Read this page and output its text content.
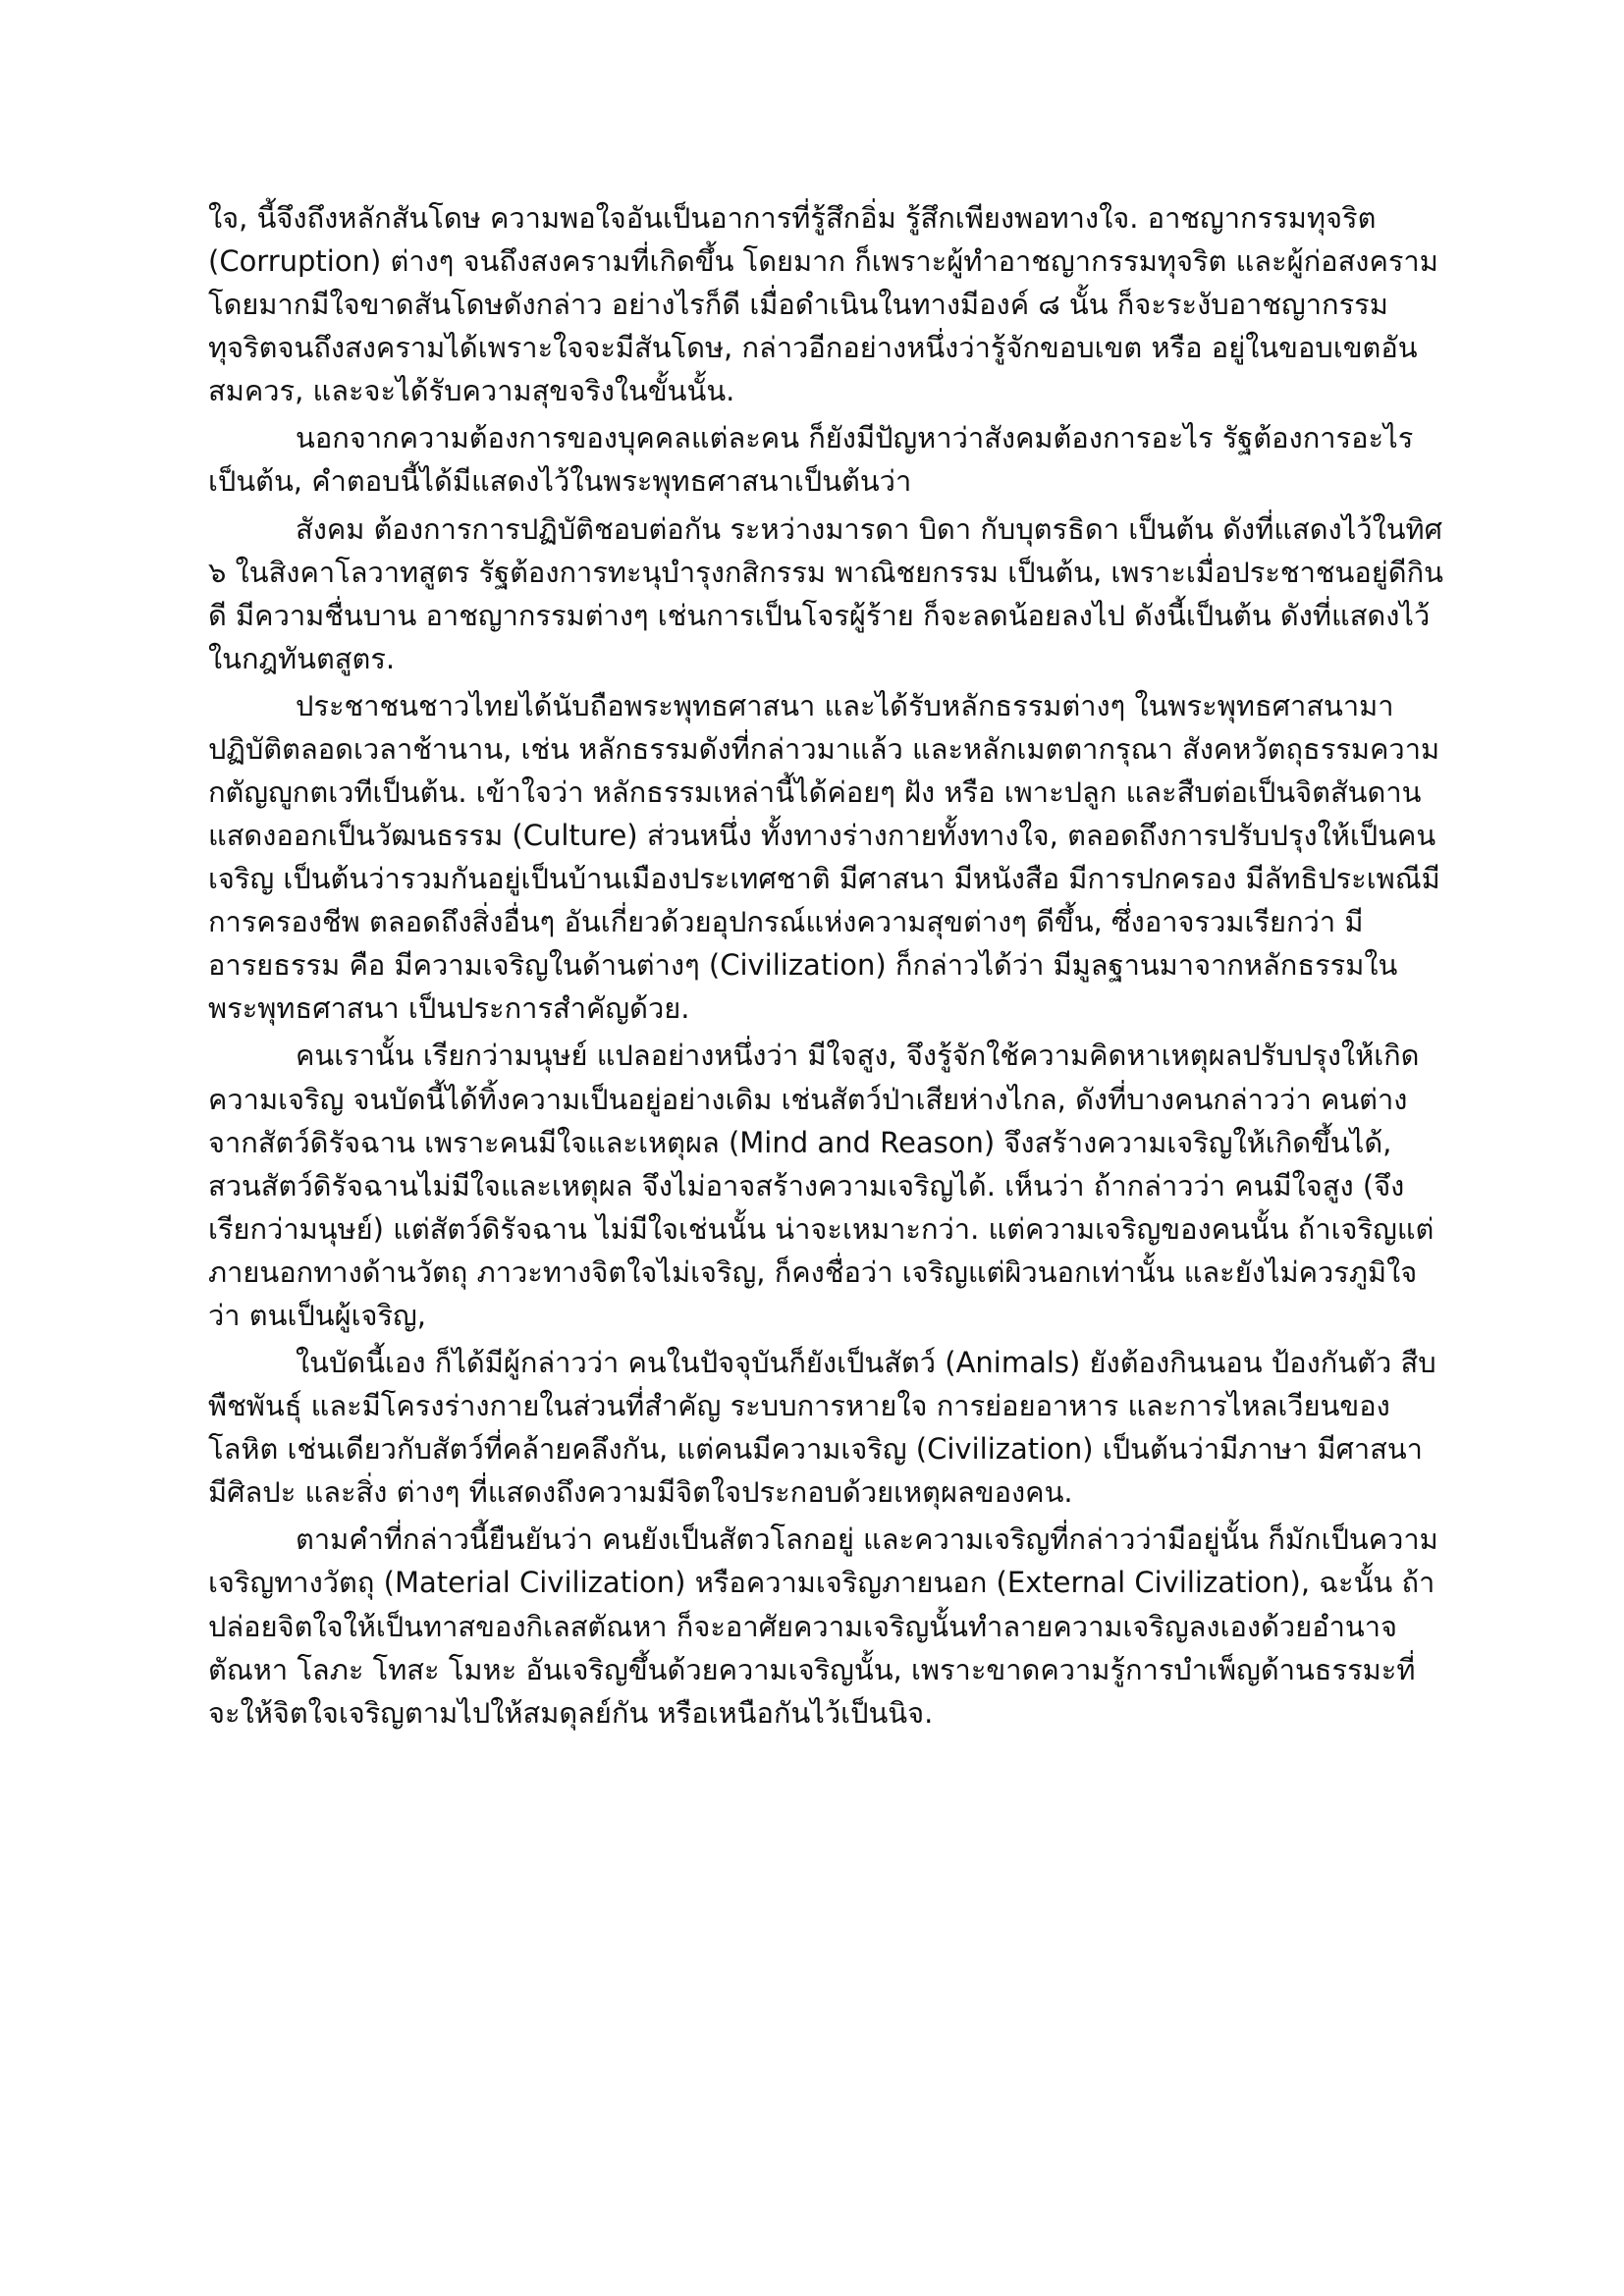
ใจ, นี้จึงถึงหลักสันโดษ ความพอใจอันเป็นอาการที่รู้สึกอิ่ม รู้สึกเพียงพอทางใจ. อาชญากรรมทุจริต (Corruption) ต่างๆ จนถึงสงครามที่เกิดขึ้น โดยมาก ก็เพราะผู้ทำอาชญากรรมทุจริต และผู้ก่อสงคราม โดยมากมีใจขาดสันโดษดังกล่าว อย่างไรก็ดี เมื่อดำเนินในทางมีองค์ ๘ นั้น ก็จะระงับอาชญากรรมทุจริตจนถึงสงครามได้เพราะใจจะมีสันโดษ, กล่าวอีกอย่างหนึ่งว่ารู้จักขอบเขต หรือ อยู่ในขอบเขตอันสมควร, และจะได้รับความสุขจริงในขั้นนั้น.

นอกจากความต้องการของบุคคลแต่ละคน ก็ยังมีปัญหาว่าสังคมต้องการอะไร รัฐต้องการอะไรเป็นต้น, คำตอบนี้ได้มีแสดงไว้ในพระพุทธศาสนาเป็นต้นว่า

สังคม ต้องการการปฏิบัติชอบต่อกัน ระหว่างมารดา บิดา กับบุตรธิดา เป็นต้น ดังที่แสดงไว้ในทิศ ๖ ในสิงคาโลวาทสูตร รัฐต้องการทะนุบำรุงกสิกรรม พาณิชยกรรม เป็นต้น, เพราะเมื่อประชาชนอยู่ดีกินดี มีความชื่นบาน อาชญากรรมต่างๆ เช่นการเป็นโจรผู้ร้าย ก็จะลดน้อยลงไป ดังนี้เป็นต้น ดังที่แสดงไว้ในกฎทันตสูตร.

ประชาชนชาวไทยได้นับถือพระพุทธศาสนา และได้รับหลักธรรมต่างๆ ในพระพุทธศาสนามาปฏิบัติตลอดเวลาช้านาน, เช่น หลักธรรมดังที่กล่าวมาแล้ว และหลักเมตตากรุณา สังคหวัตถุธรรมความกตัญญูกตเวทีเป็นต้น. เข้าใจว่า หลักธรรมเหล่านี้ได้ค่อยๆ ฝัง หรือ เพาะปลูก และสืบต่อเป็นจิตสันดาน แสดงออกเป็นวัฒนธรรม (Culture) ส่วนหนึ่ง ทั้งทางร่างกายทั้งทางใจ, ตลอดถึงการปรับปรุงให้เป็นคนเจริญ เป็นต้นว่ารวมกันอยู่เป็นบ้านเมืองประเทศชาติ มีศาสนา มีหนังสือ มีการปกครอง มีลัทธิประเพณีมีการครองชีพ ตลอดถึงสิ่งอื่นๆ อันเกี่ยวด้วยอุปกรณ์แห่งความสุขต่างๆ ดีขึ้น, ซึ่งอาจรวมเรียกว่า มีอารยธรรม คือ มีความเจริญในด้านต่างๆ (Civilization) ก็กล่าวได้ว่า มีมูลฐานมาจากหลักธรรมในพระพุทธศาสนา เป็นประการสำคัญด้วย.

คนเรานั้น เรียกว่ามนุษย์ แปลอย่างหนึ่งว่า มีใจสูง, จึงรู้จักใช้ความคิดหาเหตุผลปรับปรุงให้เกิดความเจริญ จนบัดนี้ได้ทิ้งความเป็นอยู่อย่างเดิม เช่นสัตว์ป่าเสียห่างไกล, ดังที่บางคนกล่าวว่า คนต่างจากสัตว์ดิรัจฉาน เพราะคนมีใจและเหตุผล (Mind and Reason) จึงสร้างความเจริญให้เกิดขึ้นได้, สวนสัตว์ดิรัจฉานไม่มีใจและเหตุผล จึงไม่อาจสร้างความเจริญได้. เห็นว่า ถ้ากล่าวว่า คนมีใจสูง (จึงเรียกว่ามนุษย์) แต่สัตว์ดิรัจฉาน ไม่มีใจเช่นนั้น น่าจะเหมาะกว่า. แต่ความเจริญของคนนั้น ถ้าเจริญแต่ภายนอกทางด้านวัตถุ ภาวะทางจิตใจไม่เจริญ, ก็คงชื่อว่า เจริญแต่ผิวนอกเท่านั้น และยังไม่ควรภูมิใจว่า ตนเป็นผู้เจริญ,

ในบัดนี้เอง ก็ได้มีผู้กล่าวว่า คนในปัจจุบันก็ยังเป็นสัตว์ (Animals) ยังต้องกินนอน ป้องกันตัว สืบพืชพันธุ์ และมีโครงร่างกายในส่วนที่สำคัญ ระบบการหายใจ การย่อยอาหาร และการไหลเวียนของโลหิต เช่นเดียวกับสัตว์ที่คล้ายคลึงกัน, แต่คนมีความเจริญ (Civilization) เป็นต้นว่ามีภาษา มีศาสนา มีศิลปะ และสิ่ง ต่างๆ ที่แสดงถึงความมีจิตใจประกอบด้วยเหตุผลของคน.

ตามคำที่กล่าวนี้ยืนยันว่า คนยังเป็นสัตวโลกอยู่ และความเจริญที่กล่าวว่ามีอยู่นั้น ก็มักเป็นความเจริญทางวัตถุ (Material Civilization) หรือความเจริญภายนอก (External Civilization), ฉะนั้น ถ้าปล่อยจิตใจให้เป็นทาสของกิเลสตัณหา ก็จะอาศัยความเจริญนั้นทำลายความเจริญลงเองด้วยอำนาจตัณหา โลภะ โทสะ โมหะ อันเจริญขึ้นด้วยความเจริญนั้น, เพราะขาดความรู้การบำเพ็ญด้านธรรมะที่จะให้จิตใจเจริญตามไปให้สมดุลย์กัน หรือเหนือกันไว้เป็นนิจ.
